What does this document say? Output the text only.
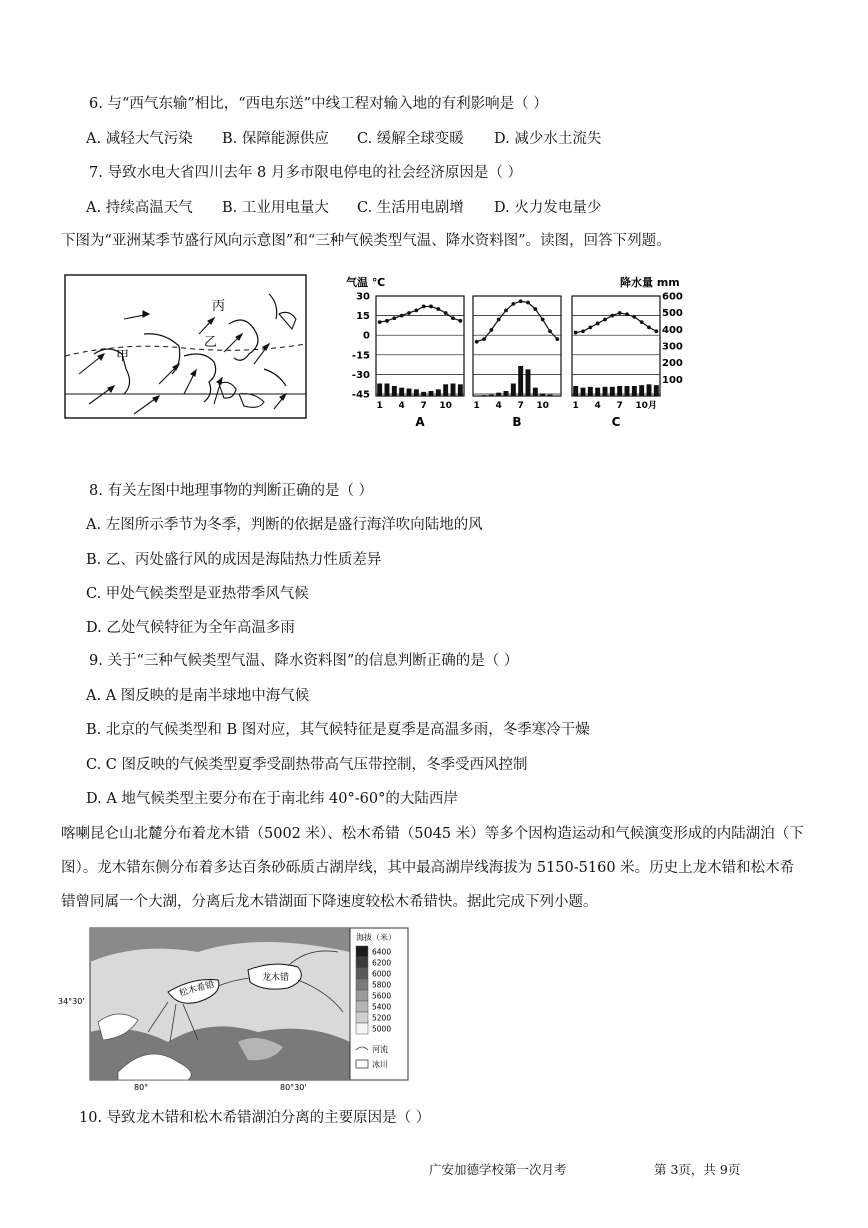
6. 与“西气东输”相比，“西电东送”中线工程对输入地的有利影响是（ ）
A. 减轻大气污染 B. 保障能源供应 C. 缓解全球变暖 D. 减少水土流失
7. 导致水电大省四川去年 8 月多市限电停电的社会经济原因是（ ）
A. 持续高温天气 B. 工业用电量大 C. 生活用电剧增 D. 火力发电量少
下图为“亚洲某季节盛行风向示意图”和“三种气候类型气温、降水资料图”。读图，回答下列题。
甲
乙
丙
气温 ℃	降水量 mm
30
15
0
-15
-30
-45
600
500
400
300
200
100
月
1 4 7 10
A
1 4 7 10
B
1 4 7 10
C
8. 有关左图中地理事物的判断正确的是（ ）
A. 左图所示季节为冬季，判断的依据是盛行海洋吹向陆地的风
B. 乙、丙处盛行风的成因是海陆热力性质差异
C. 甲处气候类型是亚热带季风气候
D. 乙处气候特征为全年高温多雨
9. 关于“三种气候类型气温、降水资料图”的信息判断正确的是（ ）
A. A 图反映的是南半球地中海气候
B. 北京的气候类型和 B 图对应，其气候特征是夏季是高温多雨，冬季寒冷干燥
C. C 图反映的气候类型夏季受副热带高气压带控制，冬季受西风控制
D. A 地气候类型主要分布在于南北纬 40°-60°的大陆西岸
喀喇昆仑山北麓分布着龙木错（5002 米）、松木希错（5045 米）等多个因构造运动和气候演变形成的内陆湖泊（下
图）。龙木错东侧分布着多达百条砂砾质古湖岸线，其中最高湖岸线海拔为 5150-5160 米。历史上龙木错和松木希
错曾同属一个大湖，分离后龙木错湖面下降速度较松木希错快。据此完成下列小题。
松木希错
龙木错
34°30'
80°	80°30'
海拔（米）
6400
6200
6000
5800
5600
5400
5200
5000
河流
冰川
10. 导致龙木错和松木希错湖泊分离的主要原因是（ ）
广安加德学校第一次月考	第 3页，共 9页
